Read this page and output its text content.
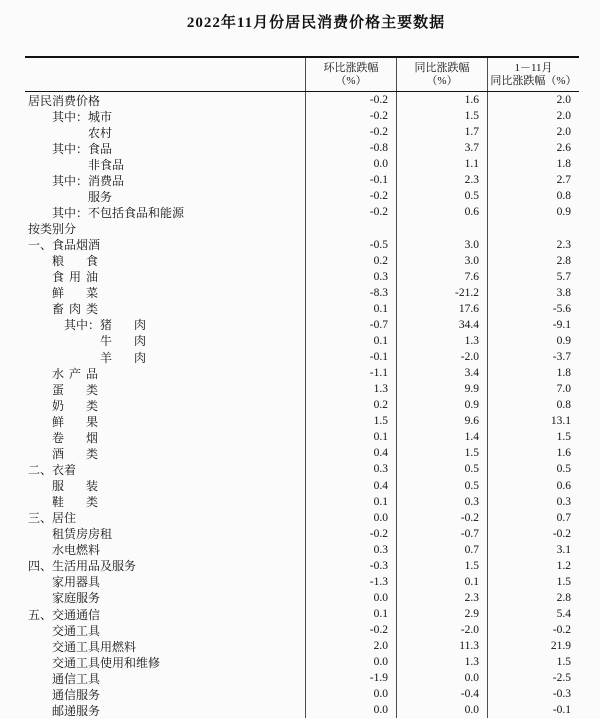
2022年11月份居民消费价格主要数据
环比涨跌幅
（%）
同比涨跌幅
（%）
1－11月
同比涨跌幅（%）
居民消费价格	-0.2	1.6	2.0
　　其中： 城市	-0.2	1.5	2.0

农村	-0.2	1.7	2.0
　　其中： 食品	-0.8	3.7	2.6

非食品	0.0	1.1	1.8
　　其中： 消费品	-0.1	2.3	2.7

服务	-0.2	0.5	0.8
　　其中： 不包括食品和能源	-0.2	0.6	0.9
按类别分
一、食品烟酒	-0.5	3.0	2.3

粮食	0.2	3.0	2.8

食用油	0.3	7.6	5.7

鲜菜	-8.3	-21.2	3.8

畜肉类	0.1	17.6	-5.6
　　　其中： 猪肉	-0.7	34.4	-9.1

牛肉	0.1	1.3	0.9

羊肉	-0.1	-2.0	-3.7

水产品	-1.1	3.4	1.8

蛋类	1.3	9.9	7.0

奶类	0.2	0.9	0.8

鲜果	1.5	9.6	13.1

卷烟	0.1	1.4	1.5

酒类	0.4	1.5	1.6
二、衣着	0.3	0.5	0.5

服装	0.4	0.5	0.6

鞋类	0.1	0.3	0.3
三、居住	0.0	-0.2	0.7

租赁房房租	-0.2	-0.7	-0.2

水电燃料	0.3	0.7	3.1
四、生活用品及服务	-0.3	1.5	1.2

家用器具	-1.3	0.1	1.5

家庭服务	0.0	2.3	2.8
五、交通通信	0.1	2.9	5.4

交通工具	-0.2	-2.0	-0.2

交通工具用燃料	2.0	11.3	21.9

交通工具使用和维修	0.0	1.3	1.5

通信工具	-1.9	0.0	-2.5

通信服务	0.0	-0.4	-0.3

邮递服务	0.0	0.0	-0.1
